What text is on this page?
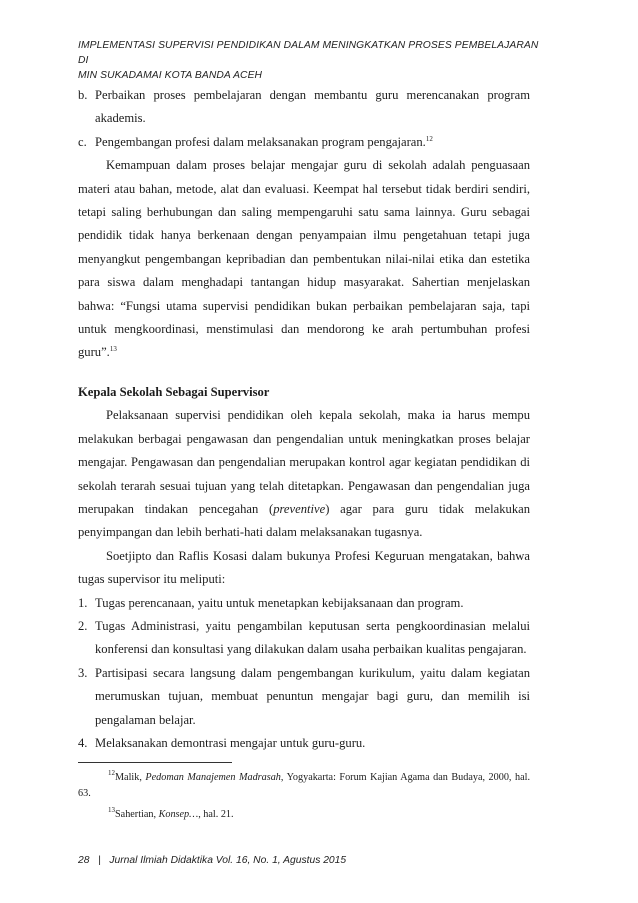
IMPLEMENTASI SUPERVISI PENDIDIKAN DALAM MENINGKATKAN PROSES PEMBELAJARAN DI
MIN SUKADAMAI KOTA BANDA ACEH
b. Perbaikan proses pembelajaran dengan membantu guru merencanakan program akademis.
c. Pengembangan profesi dalam melaksanakan program pengajaran.$^{12}$

Kemampuan dalam proses belajar mengajar guru di sekolah adalah penguasaan materi atau bahan, metode, alat dan evaluasi. Keempat hal tersebut tidak berdiri sendiri, tetapi saling berhubungan dan saling mempengaruhi satu sama lainnya. Guru sebagai pendidik tidak hanya berkenaan dengan penyampaian ilmu pengetahuan tetapi juga menyangkut pengembangan kepribadian dan pembentukan nilai-nilai etika dan estetika para siswa dalam menghadapi tantangan hidup masyarakat. Sahertian menjelaskan bahwa: “Fungsi utama supervisi pendidikan bukan perbaikan pembelajaran saja, tapi untuk mengkoordinasi, menstimulasi dan mendorong ke arah pertumbuhan profesi guru”.$^{13}$

Kepala Sekolah Sebagai Supervisor

Pelaksanaan supervisi pendidikan oleh kepala sekolah, maka ia harus mempu melakukan berbagai pengawasan dan pengendalian untuk meningkatkan proses belajar mengajar. Pengawasan dan pengendalian merupakan kontrol agar kegiatan pendidikan di sekolah terarah sesuai tujuan yang telah ditetapkan. Pengawasan dan pengendalian juga merupakan tindakan pencegahan (preventive) agar para guru tidak melakukan penyimpangan dan lebih berhati-hati dalam melaksanakan tugasnya.

Soetjipto dan Raflis Kosasi dalam bukunya Profesi Keguruan mengatakan, bahwa tugas supervisor itu meliputi:

1. Tugas perencanaan, yaitu untuk menetapkan kebijaksanaan dan program.
2. Tugas Administrasi, yaitu pengambilan keputusan serta pengkoordinasian melalui konferensi dan konsultasi yang dilakukan dalam usaha perbaikan kualitas pengajaran.
3. Partisipasi secara langsung dalam pengembangan kurikulum, yaitu dalam kegiatan merumuskan tujuan, membuat penuntun mengajar bagi guru, dan memilih isi pengalaman belajar.
4. Melaksanakan demontrasi mengajar untuk guru-guru.

$^{12}$Malik, Pedoman Manajemen Madrasah, Yogyakarta: Forum Kajian Agama dan Budaya, 2000, hal. 63.

$^{13}$Sahertian, Konsep…, hal. 21.

28 | Jurnal Ilmiah Didaktika Vol. 16, No. 1, Agustus 2015
